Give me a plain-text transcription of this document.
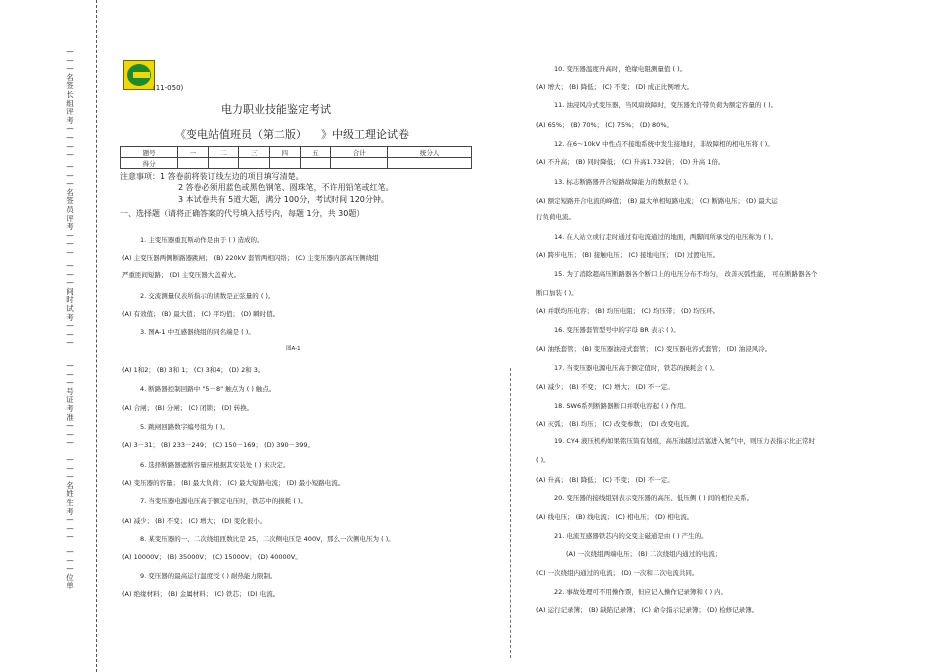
—
—
—
名
签
长
组
评
考
—
—
—
—
—
—
—
名
签
员
评
考
—
—
—
—
—
—
间
时
试
考
—
—
—
—
—
—
号
证
考
准
—
—
—
—
—
—
名
姓
生
考
—
—
—
—
—
—
位
单
(11-050)
电力职业技能鉴定考试
《变电站值班员（第二版）    》中级工理论试卷
题号	一	二	三	四	五	合计	统分人
得分							
注意事项：1 答卷前将装订线左边的项目填写清楚。
2 答卷必须用蓝色或黑色钢笔、圆珠笔，不许用铅笔或红笔。
3 本试卷共有 5道大题，满分 100分，考试时间 120分钟。
一、选择题（请将正确答案的代号填入括号内，每题 1分，共 30题）
1. 主变压器重瓦斯动作是由于 ( ) 造成的。
(A) 主变压器两侧断路器跳闸； (B) 220kV 套管两相闪络； (C) 主变压器内部高压侧绕组
严重匝间短路； (D) 主变压器大盖着火。
2. 交流测量仪表所指示的读数是正弦量的 ( )。
(A) 有效值； (B) 最大值； (C) 平均值； (D) 瞬时值。
3. 图A-1 中互感器绕组的同名端是 ( )。
(A) 1和2； (B) 3和 1； (C) 3和4； (D) 2和 3。
4. 断路器控制回路中 "5－8" 触点为 ( ) 触点。
(A) 合闸； (B) 分闸； (C) 闭锁； (D) 转换。
5. 跳闸回路数字编号组为 ( )。
(A) 3－31； (B) 233－249； (C) 150－169； (D) 390－399。
6. 选择断路器遮断容量应根据其安装处 ( ) 来决定。
(A) 变压器的容量； (B) 最大负荷； (C) 最大短路电流； (D) 最小短路电流。
7. 当变压器电源电压高于额定电压时，铁芯中的损耗 ( )。
(A) 减少； (B) 不变； (C) 增大； (D) 变化很小。
8. 某变压器的一、二次绕组匝数比是 25，二次侧电压是 400V，那么一次侧电压为 ( )。
(A) 10000V； (B) 35000V； (C) 15000V； (D) 40000V。
9. 变压器的最高运行温度受 ( ) 耐热能力限制。
(A) 绝缘材料； (B) 金属材料； (C) 铁芯； (D) 电流。
图A-1
10. 变压器温度升高时，绝缘电阻测量值 ( )。
(A) 增大； (B) 降低； (C) 不变； (D) 成正比例增大。
11. 油浸风冷式变压器，当风扇故障时，变压器允许带负荷为额定容量的 ( )。
(A) 65%； (B) 70%； (C) 75%； (D) 80%。
12. 在6～10kV 中性点不接地系统中发生接地时，非故障相的相电压将 ( )。
(A) 不升高； (B) 同时降低； (C) 升高1.732倍； (D) 升高 1倍。
13. 标志断路器开合短路故障能力的数据是 ( )。
(A) 额定短路开合电流的峰值； (B) 最大单相短路电流； (C) 断路电压； (D) 最大运
行负荷电流。
14. 在人站立或行走时通过有电流通过的地面，两脚间所承受的电压称为 ( )。
(A) 跨步电压； (B) 接触电压； (C) 接地电压； (D) 过渡电压。
15. 为了消除超高压断路器各个断口上的电压分布不均匀， 改善灭弧性能， 可在断路器各个
断口加装 ( )。
(A) 并联均压电容； (B) 均压电阻； (C) 均压带； (D) 均压环。
16. 变压器套管型号中的字母 BR 表示 ( )。
(A) 油纸套管； (B) 变压器油浸式套管； (C) 变压器电容式套管； (D) 油浸风冷。
17. 当变压器电源电压高于额定值时，铁芯的损耗会 ( )。
(A) 减少； (B) 不变； (C) 增大； (D) 不一定。
18. SW6系列断路器断口并联电容起 ( ) 作用。
(A) 灭弧； (B) 均压； (C) 改变参数； (D) 改变电流。
19. CY4 液压机构如果铭压筒有划痕，高压油越过活塞进入氮气中，则压力表指示比正常时
( )。
(A) 升高； (B) 降低； (C) 不变； (D) 不一定。
20. 变压器的接线组别表示变压器的高压、低压侧 ( ) 间的相位关系。
(A) 线电压； (B) 线电流； (C) 相电压； (D) 相电流。
21. 电流互感器铁芯内的交变主磁通是由 ( ) 产生的。
(A) 一次绕组两端电压； (B) 二次绕组内通过的电流；
(C) 一次绕组内通过的电流； (D) 一次和二次电流共同。
22. 事故处理可不用操作票，但应记入操作记录簿和 ( ) 内。
(A) 运行记录簿； (B) 缺陷记录簿； (C) 命令指示记录簿； (D) 检修记录簿。
